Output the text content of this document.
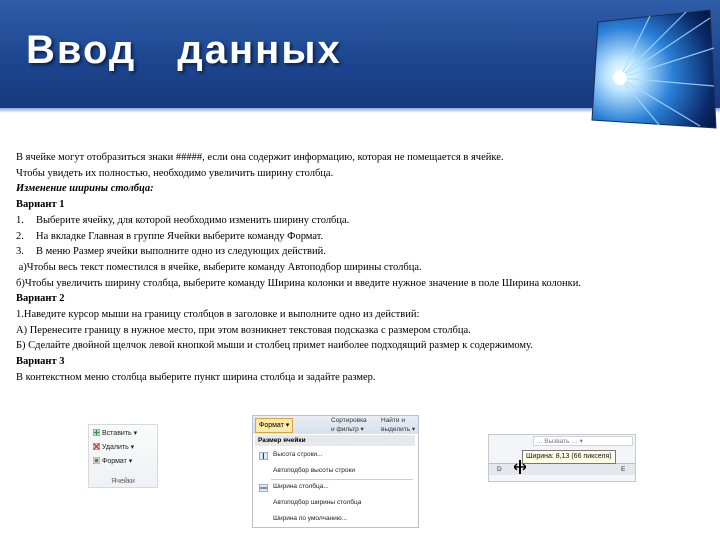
Ввод данных

В ячейке могут отобразиться знаки #####, если она содержит информацию, которая не помещается в ячейке.

Чтобы увидеть их полностью, необходимо увеличить ширину столбца.

Изменение ширины столбца:

Вариант 1

1.	Выберите ячейку, для которой необходимо изменить ширину столбца.
2.	На вкладке Главная в группе Ячейки выберите команду Формат.
3.	В меню Размер ячейки выполните одно из следующих действий.

а)Чтобы весь текст поместился в ячейке, выберите команду Автоподбор ширины столбца.

б)Чтобы увеличить ширину столбца, выберите команду Ширина колонки и введите нужное значение в поле Ширина колонки.

Вариант 2

1.Наведите курсор мыши на границу столбцов в заголовке и выполните одно из действий:

А) Перенесите границу в нужное место, при этом возникнет текстовая подсказка с размером столбца.

Б) Сделайте двойной щелчок левой кнопкой мыши и столбец примет наиболее подходящий размер к содержимому.

Вариант 3

В контекстном меню столбца выберите пункт ширина столбца и задайте размер.

Вставить ▾
Удалить ▾
Формат ▾
Ячейки
Формат ▾
Сортировка
и фильтр ▾
Найти и
выделить ▾
Размер ячейки
Высота строки...
Автоподбор высоты строки
Ширина столбца...
Автоподбор ширины столбца
Ширина по умолчанию...
… Вызвать … ▾
D	E
Ширина: 8,13 (66 пикселя)
